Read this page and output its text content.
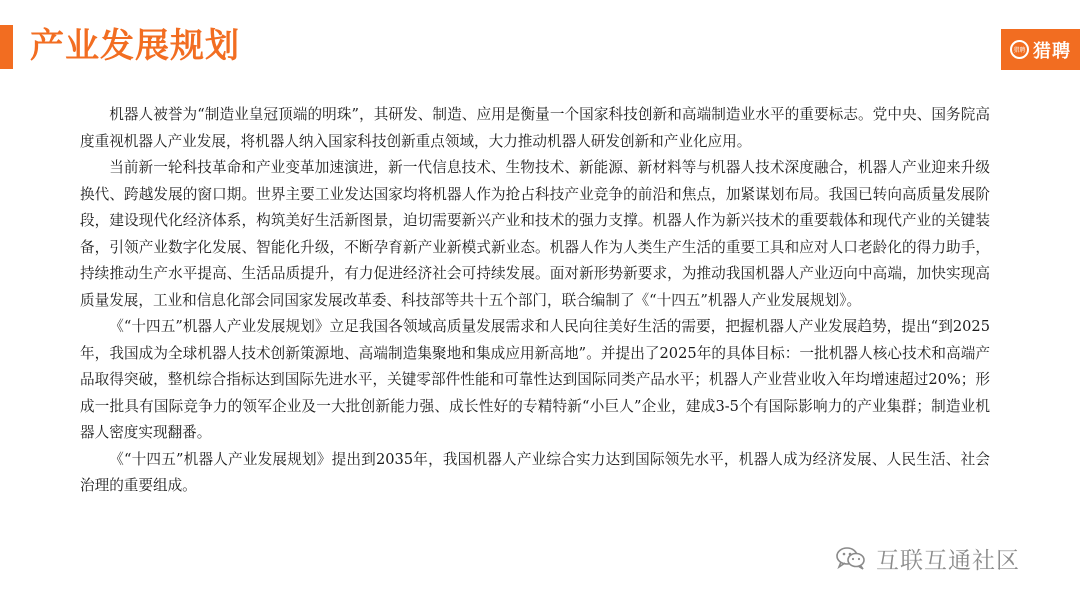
产业发展规划	猎聘 猎聘

机器人被誉为“制造业皇冠顶端的明珠”，其研发、制造、应用是衡量一个国家科技创新和高端制造业水平的重要标志。党中央、国务院高度重视机器人产业发展，将机器人纳入国家科技创新重点领域，大力推动机器人研发创新和产业化应用。

当前新一轮科技革命和产业变革加速演进，新一代信息技术、生物技术、新能源、新材料等与机器人技术深度融合，机器人产业迎来升级换代、跨越发展的窗口期。世界主要工业发达国家均将机器人作为抢占科技产业竞争的前沿和焦点，加紧谋划布局。我国已转向高质量发展阶段，建设现代化经济体系，构筑美好生活新图景，迫切需要新兴产业和技术的强力支撑。机器人作为新兴技术的重要载体和现代产业的关键装备，引领产业数字化发展、智能化升级，不断孕育新产业新模式新业态。机器人作为人类生产生活的重要工具和应对人口老龄化的得力助手，持续推动生产水平提高、生活品质提升，有力促进经济社会可持续发展。面对新形势新要求，为推动我国机器人产业迈向中高端，加快实现高质量发展，工业和信息化部会同国家发展改革委、科技部等共十五个部门，联合编制了《“十四五”机器人产业发展规划》。

《“十四五”机器人产业发展规划》立足我国各领域高质量发展需求和人民向往美好生活的需要，把握机器人产业发展趋势，提出“到2025年，我国成为全球机器人技术创新策源地、高端制造集聚地和集成应用新高地”。并提出了2025年的具体目标：一批机器人核心技术和高端产品取得突破，整机综合指标达到国际先进水平，关键零部件性能和可靠性达到国际同类产品水平；机器人产业营业收入年均增速超过20%；形成一批具有国际竞争力的领军企业及一大批创新能力强、成长性好的专精特新“小巨人”企业，建成3-5个有国际影响力的产业集群；制造业机器人密度实现翻番。

《“十四五”机器人产业发展规划》提出到2035年，我国机器人产业综合实力达到国际领先水平，机器人成为经济发展、人民生活、社会治理的重要组成。

互联互通社区
